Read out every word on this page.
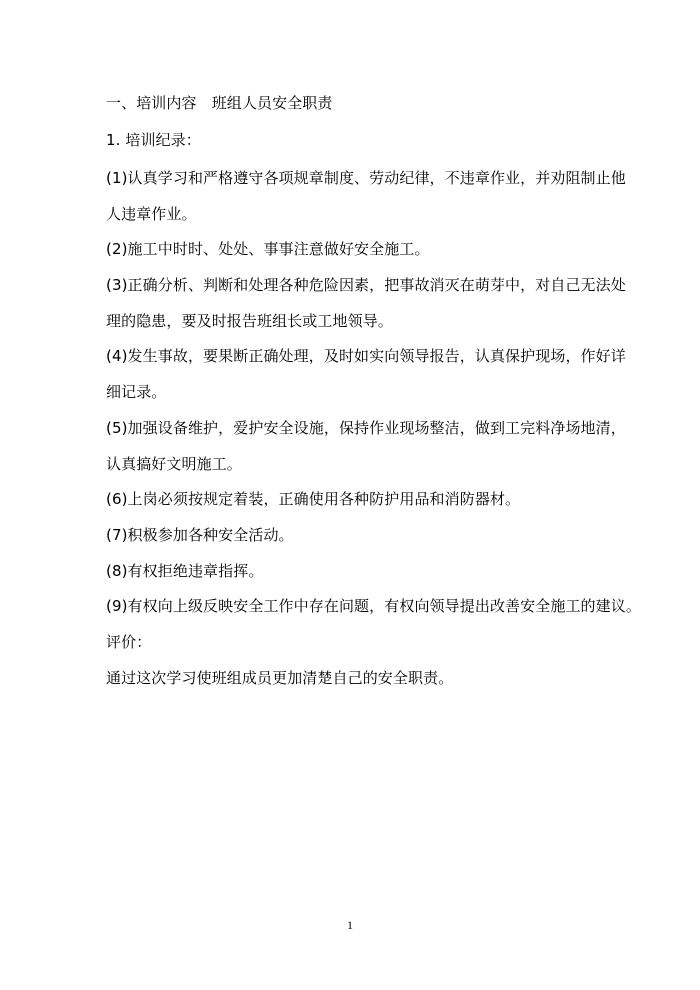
一、培训内容　班组人员安全职责

1. 培训纪录：

(1)认真学习和严格遵守各项规章制度、劳动纪律，不违章作业，并劝阻制止他

人违章作业。

(2)施工中时时、处处、事事注意做好安全施工。

(3)正确分析、判断和处理各种危险因素，把事故消灭在萌芽中，对自己无法处

理的隐患，要及时报告班组长或工地领导。

(4)发生事故，要果断正确处理，及时如实向领导报告，认真保护现场，作好详

细记录。

(5)加强设备维护，爱护安全设施，保持作业现场整洁，做到工完料净场地清，

认真搞好文明施工。

(6)上岗必须按规定着装，正确使用各种防护用品和消防器材。

(7)积极参加各种安全活动。

(8)有权拒绝违章指挥。

(9)有权向上级反映安全工作中存在问题，有权向领导提出改善安全施工的建议。

评价：

通过这次学习使班组成员更加清楚自己的安全职责。

1
